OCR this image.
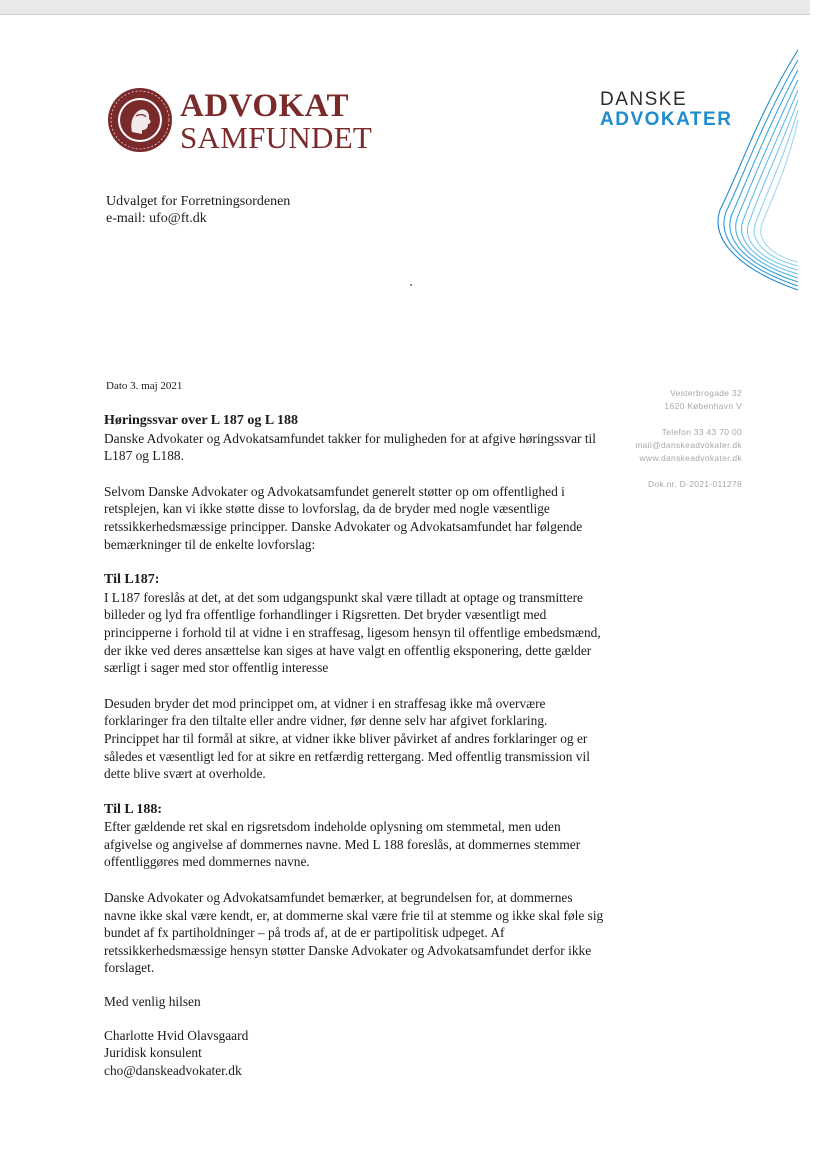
ADVOKAT
SAMFUNDET
DANSKE
ADVOKATER
Udvalget for Forretningsordenen
e-mail: ufo@ft.dk
Dato 3. maj 2021
Vesterbrogade 32
1620 København V
Telefon 33 43 70 00
mail@danskeadvokater.dk
www.danskeadvokater.dk
Dok.nr. D-2021-011278

Høringssvar over L 187 og L 188

Danske Advokater og Advokatsamfundet takker for muligheden for at afgive høringssvar til L187 og L188.

Selvom Danske Advokater og Advokatsamfundet generelt støtter op om offentlighed i retsplejen, kan vi ikke støtte disse to lovforslag, da de bryder med nogle væsentlige retssikkerhedsmæssige principper. Danske Advokater og Advokatsamfundet har følgende bemærkninger til de enkelte lovforslag:

Til L187:

I L187 foreslås at det, at det som udgangspunkt skal være tilladt at optage og transmittere billeder og lyd fra offentlige forhandlinger i Rigsretten. Det bryder væsentligt med principperne i forhold til at vidne i en straffesag, ligesom hensyn til offentlige embedsmænd, der ikke ved deres ansættelse kan siges at have valgt en offentlig eksponering, dette gælder særligt i sager med stor offentlig interesse

Desuden bryder det mod princippet om, at vidner i en straffesag ikke må overvære forklaringer fra den tiltalte eller andre vidner, før denne selv har afgivet forklaring. Princippet har til formål at sikre, at vidner ikke bliver påvirket af andres forklaringer og er således et væsentligt led for at sikre en retfærdig rettergang. Med offentlig transmission vil dette blive svært at overholde.

Til L 188:

Efter gældende ret skal en rigsretsdom indeholde oplysning om stemmetal, men uden afgivelse og angivelse af dommernes navne. Med L 188 foreslås, at dommernes stemmer offentliggøres med dommernes navne.

Danske Advokater og Advokatsamfundet bemærker, at begrundelsen for, at dommernes navne ikke skal være kendt, er, at dommerne skal være frie til at stemme og ikke skal føle sig bundet af fx partiholdninger – på trods af, at de er partipolitisk udpeget. Af retssikkerhedsmæssige hensyn støtter Danske Advokater og Advokatsamfundet derfor ikke forslaget.

Med venlig hilsen

Charlotte Hvid Olavsgaard

Juridisk konsulent

cho@danskeadvokater.dk
